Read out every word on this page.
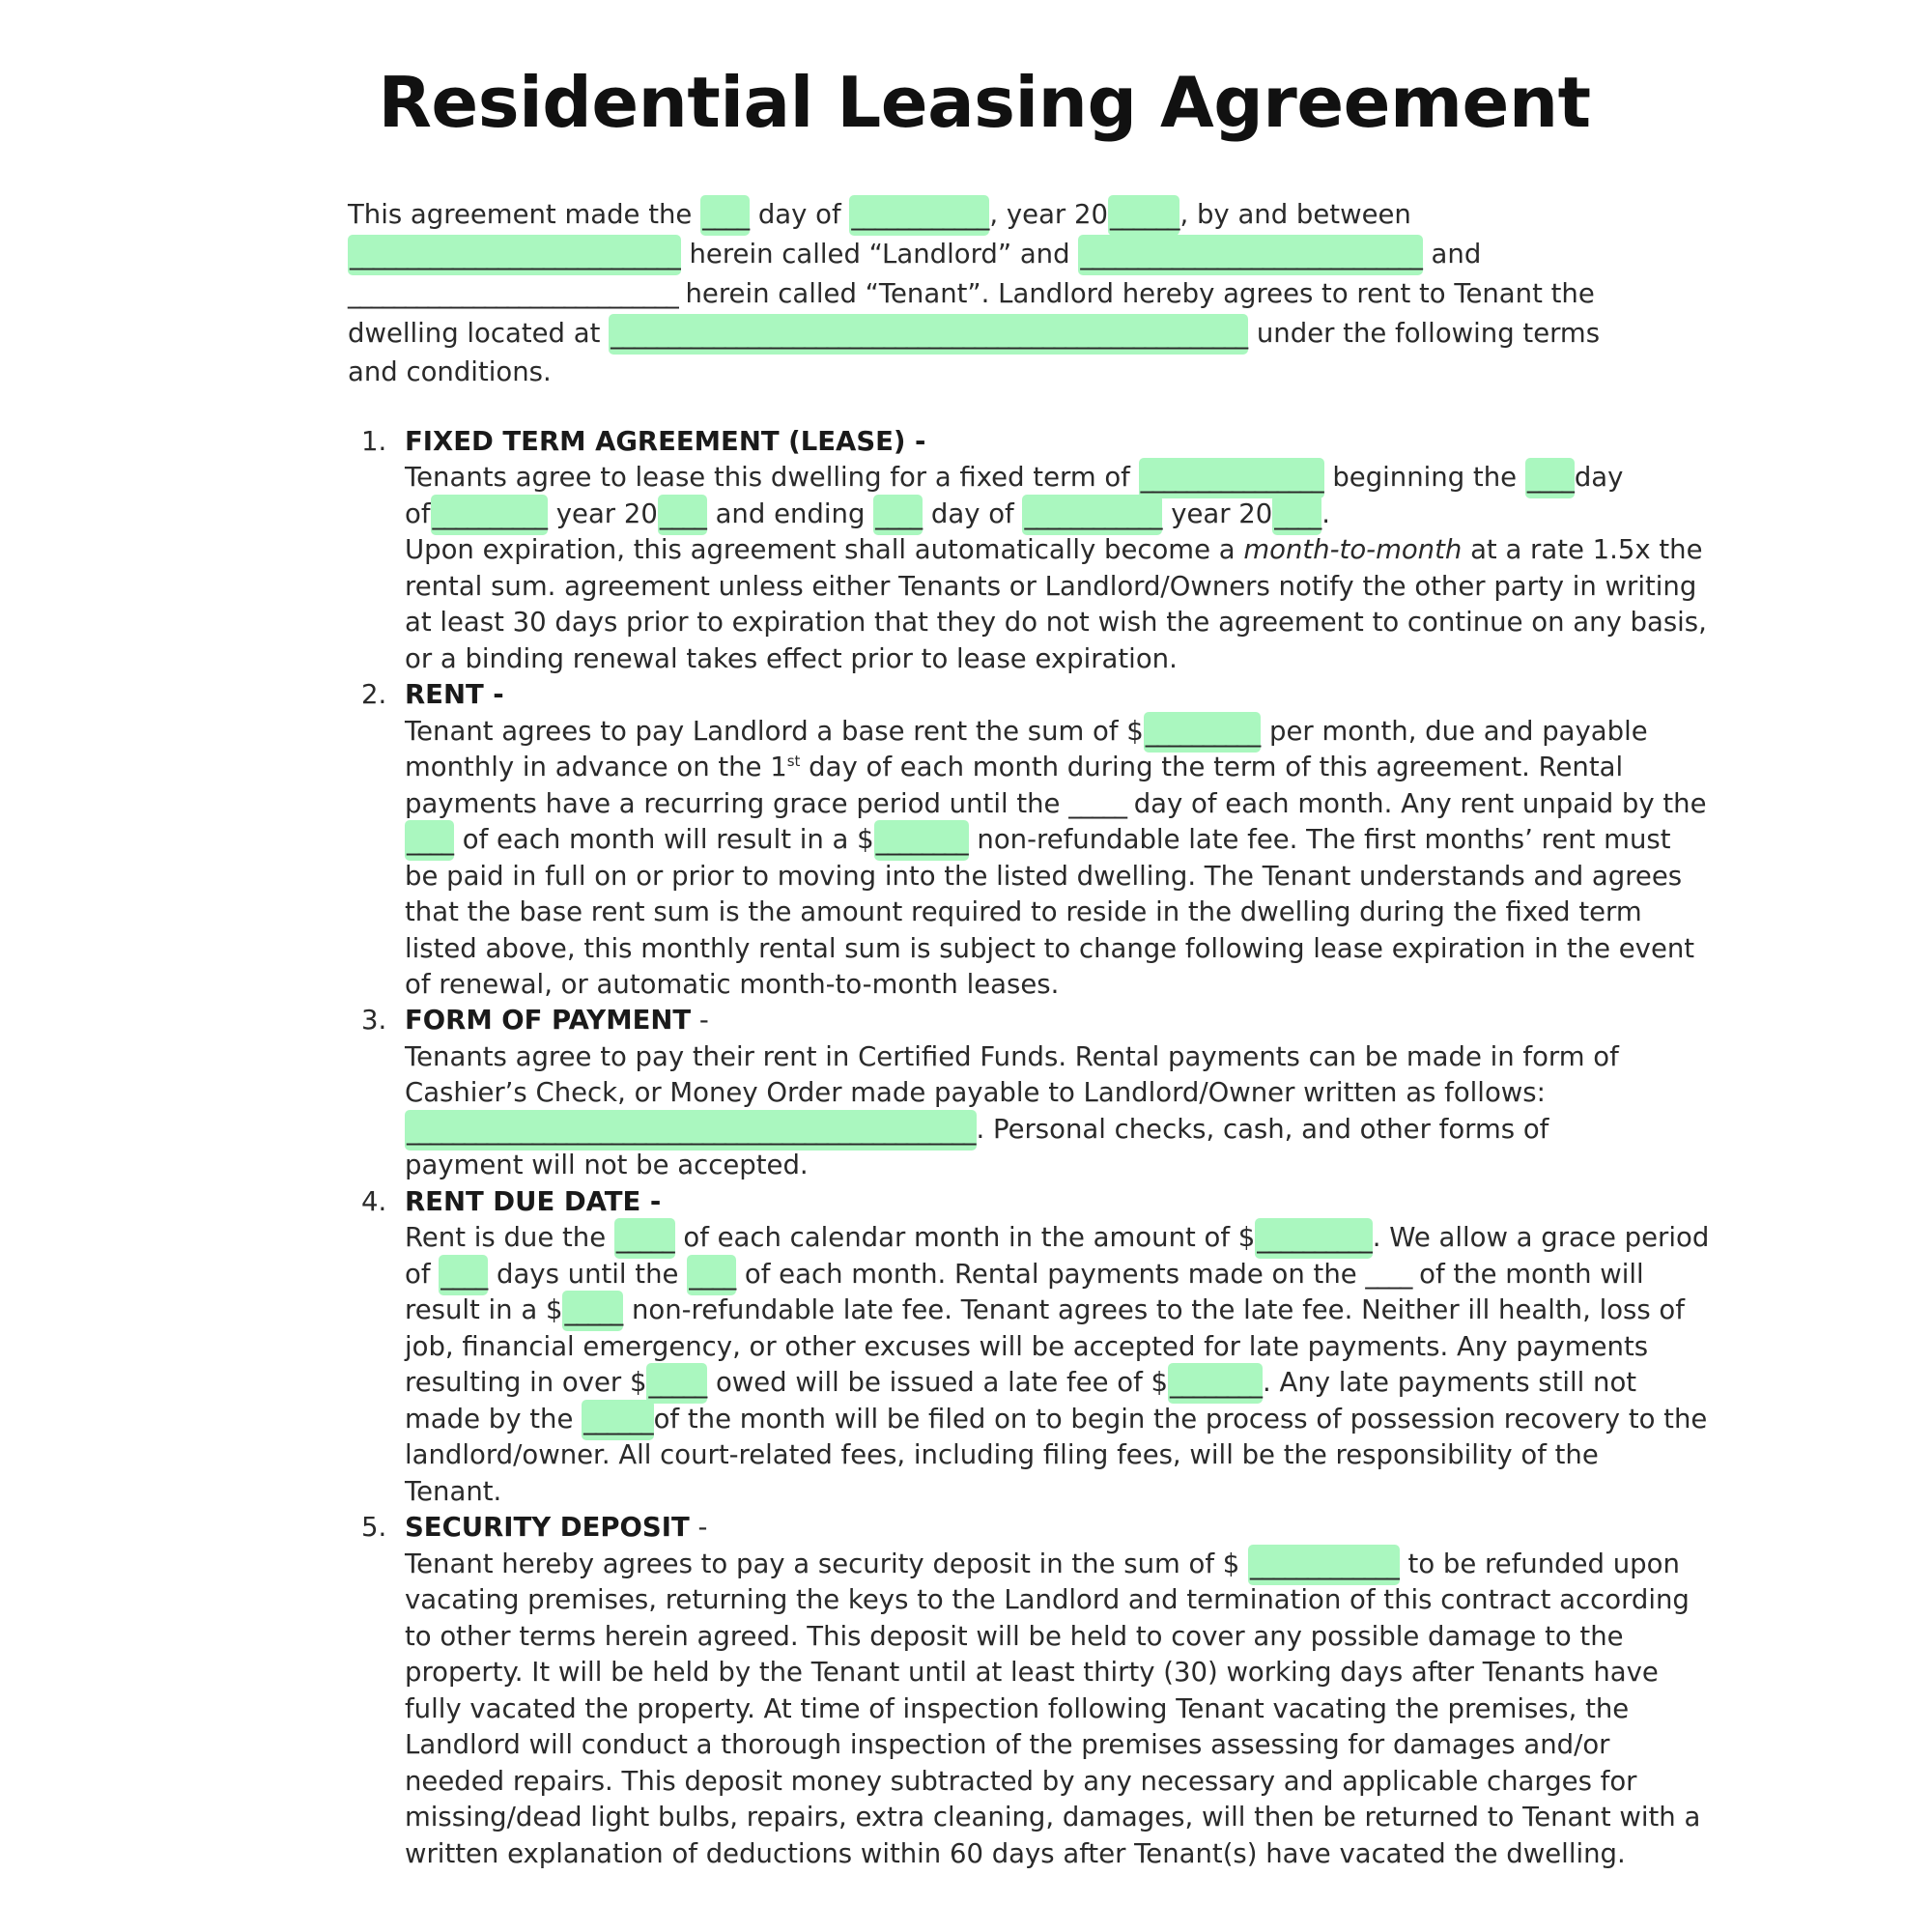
Residential Leasing Agreement
This agreement made the ____ day of ____________, year 20______, by and between
_____________________________ herein called “Landlord” and ______________________________ and
_____________________________ herein called “Tenant”. Landlord hereby agrees to rent to Tenant the
dwelling located at ________________________________________________________ under the following terms
and conditions.
1. FIXED TERM AGREEMENT (LEASE) -
Tenants agree to lease this dwelling for a fixed term of ________________ beginning the ____day
of__________ year 20____ and ending ____ day of ____________ year 20____.
Upon expiration, this agreement shall automatically become a month-to-month at a rate 1.5x the
rental sum. agreement unless either Tenants or Landlord/Owners notify the other party in writing
at least 30 days prior to expiration that they do not wish the agreement to continue on any basis,
or a binding renewal takes effect prior to lease expiration.
2. RENT -
Tenant agrees to pay Landlord a base rent the sum of $__________ per month, due and payable
monthly in advance on the 1st day of each month during the term of this agreement. Rental
payments have a recurring grace period until the _____ day of each month. Any rent unpaid by the
____ of each month will result in a $________ non-refundable late fee. The first months’ rent must
be paid in full on or prior to moving into the listed dwelling. The Tenant understands and agrees
that the base rent sum is the amount required to reside in the dwelling during the fixed term
listed above, this monthly rental sum is subject to change following lease expiration in the event
of renewal, or automatic month-to-month leases.
3. FORM OF PAYMENT -
Tenants agree to pay their rent in Certified Funds. Rental payments can be made in form of
Cashier’s Check, or Money Order made payable to Landlord/Owner written as follows:
__________________________________________________. Personal checks, cash, and other forms of
payment will not be accepted.
4. RENT DUE DATE -
Rent is due the _____ of each calendar month in the amount of $__________. We allow a grace period
of ____ days until the ____ of each month. Rental payments made on the ____ of the month will
result in a $_____ non-refundable late fee. Tenant agrees to the late fee. Neither ill health, loss of
job, financial emergency, or other excuses will be accepted for late payments. Any payments
resulting in over $_____ owed will be issued a late fee of $________. Any late payments still not
made by the ______of the month will be filed on to begin the process of possession recovery to the
landlord/owner. All court-related fees, including filing fees, will be the responsibility of the
Tenant.
5. SECURITY DEPOSIT -
Tenant hereby agrees to pay a security deposit in the sum of $ _____________ to be refunded upon
vacating premises, returning the keys to the Landlord and termination of this contract according
to other terms herein agreed. This deposit will be held to cover any possible damage to the
property. It will be held by the Tenant until at least thirty (30) working days after Tenants have
fully vacated the property. At time of inspection following Tenant vacating the premises, the
Landlord will conduct a thorough inspection of the premises assessing for damages and/or
needed repairs. This deposit money subtracted by any necessary and applicable charges for
missing/dead light bulbs, repairs, extra cleaning, damages, will then be returned to Tenant with a
written explanation of deductions within 60 days after Tenant(s) have vacated the dwelling.
